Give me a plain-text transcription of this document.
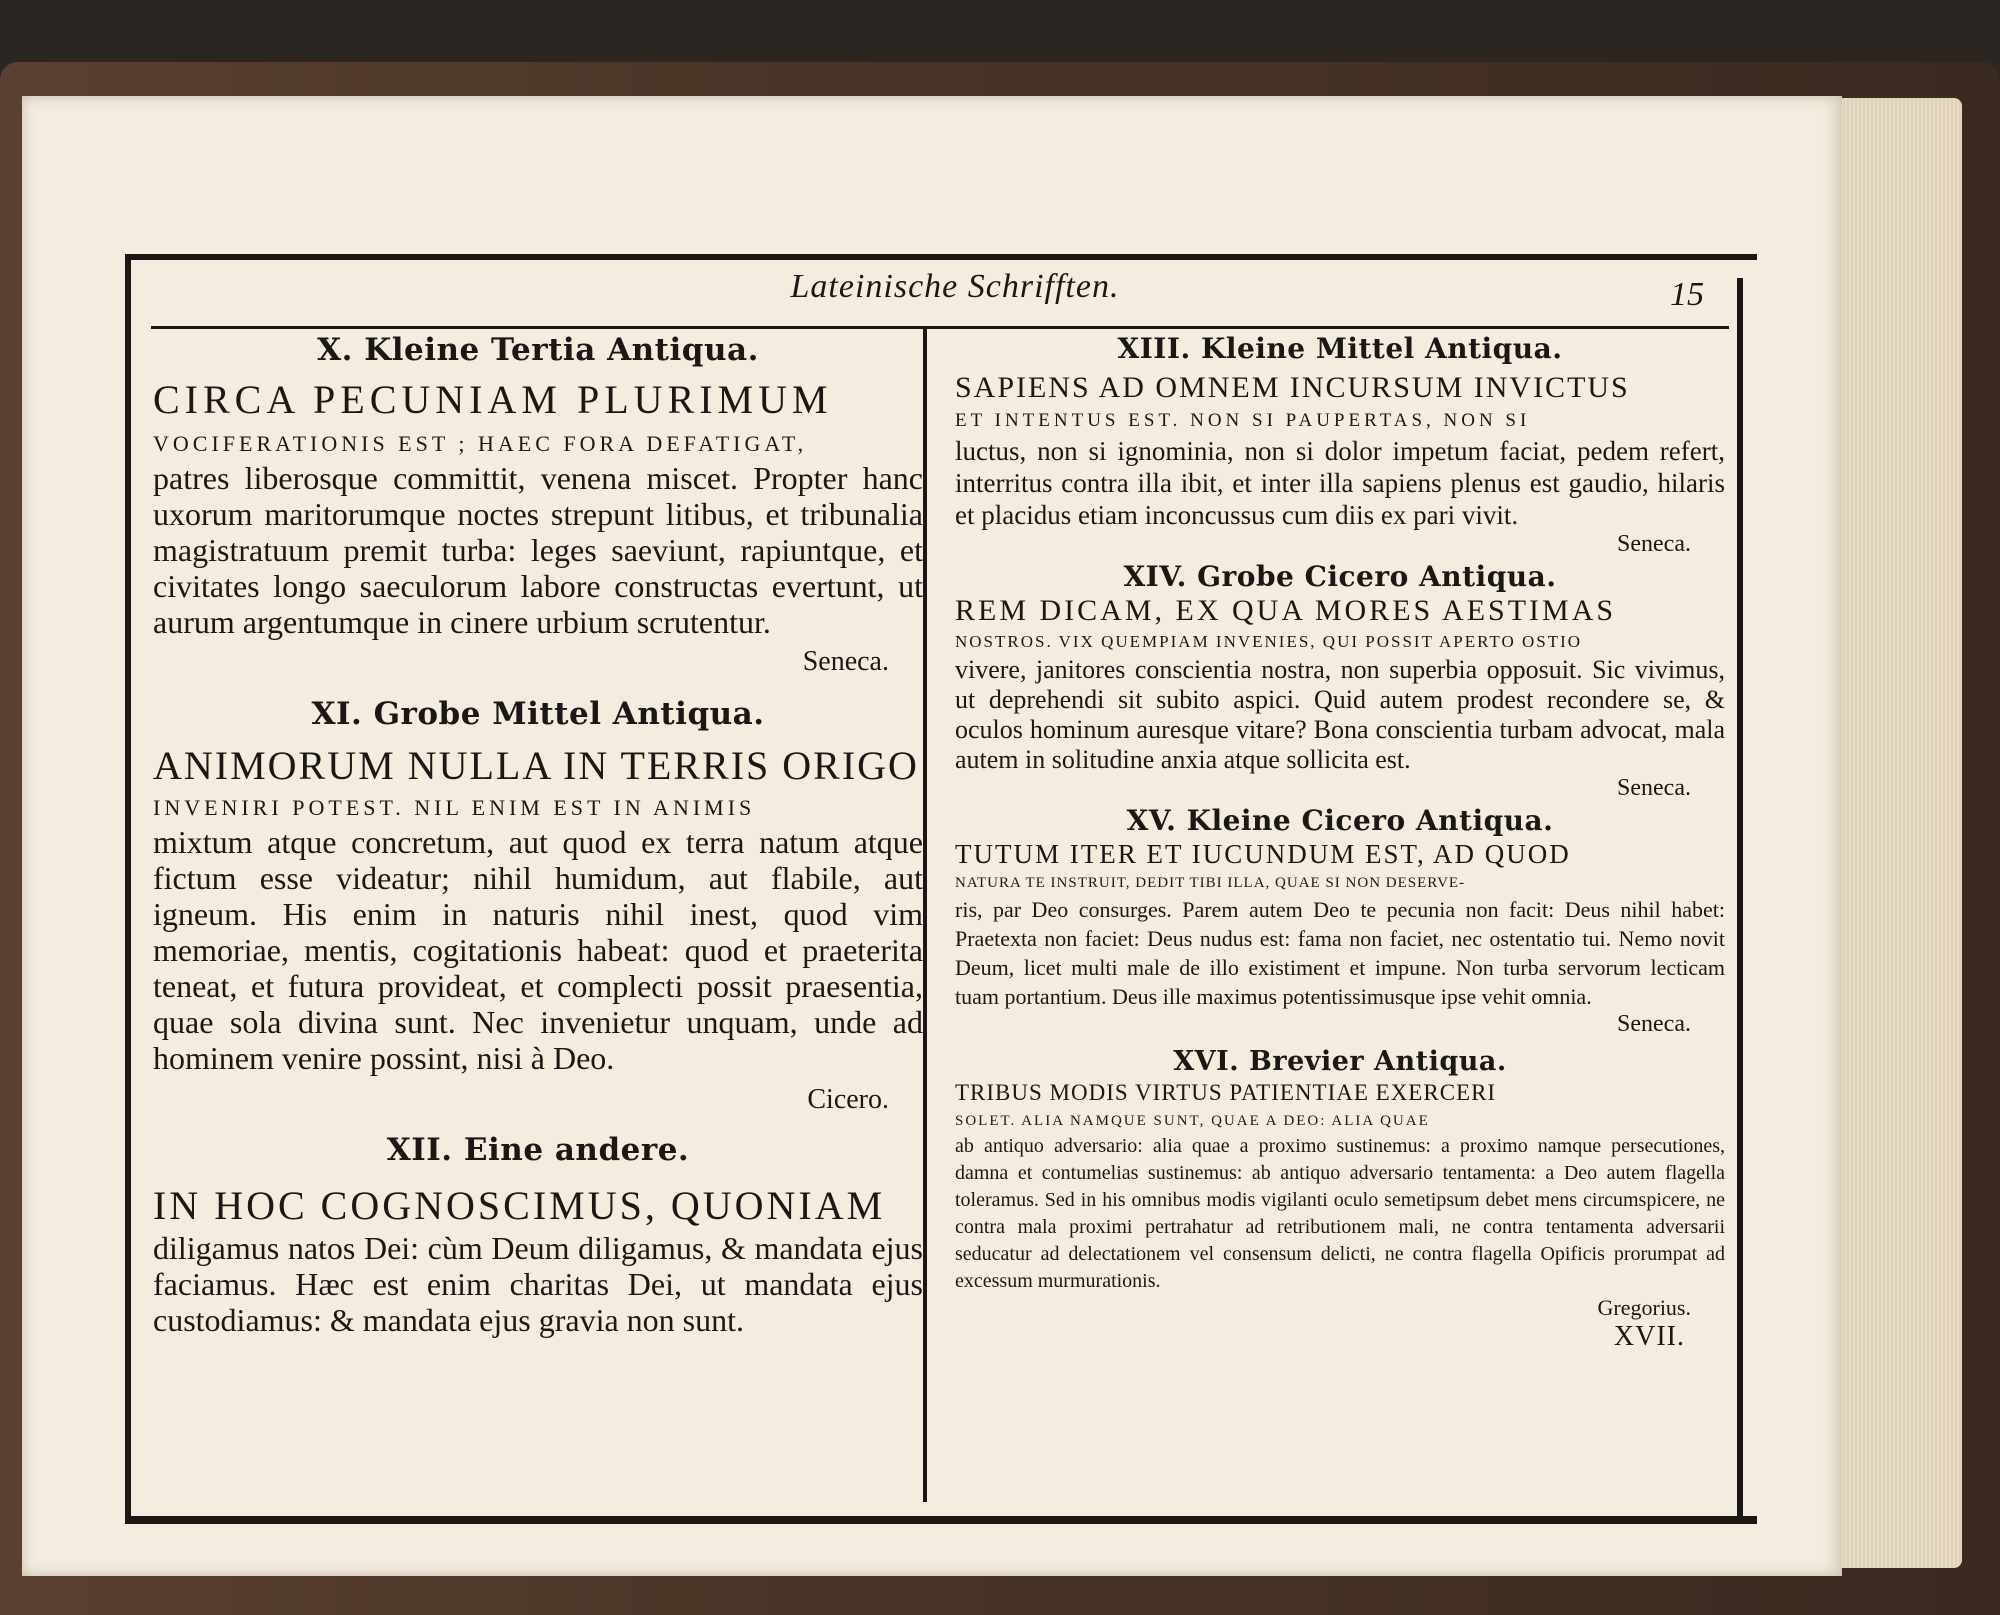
Lateinische Schrifften.	15

X. Kleine Tertia Antiqua.

CIRCA PECUNIAM PLURIMUM

VOCIFERATIONIS EST ; HAEC FORA DEFATIGAT,

patres liberosque committit, venena miscet. Propter hanc uxorum maritorumque noctes strepunt litibus, et tribunalia magistratuum premit turba: leges saeviunt, rapiuntque, et civitates longo saeculorum labore constructas evertunt, ut aurum argentumque in cinere urbium scrutentur.

Seneca.

XI. Grobe Mittel Antiqua.

ANIMORUM NULLA IN TERRIS ORIGO

INVENIRI POTEST. NIL ENIM EST IN ANIMIS

mixtum atque concretum, aut quod ex terra natum atque fictum esse videatur; nihil humidum, aut flabile, aut igneum. His enim in naturis nihil inest, quod vim memoriae, mentis, cogitationis habeat: quod et praeterita teneat, et futura provideat, et complecti possit praesentia, quae sola divina sunt. Nec invenietur unquam, unde ad hominem venire possint, nisi à Deo.

Cicero.

XII. Eine andere.

IN HOC COGNOSCIMUS, QUONIAM

diligamus natos Dei: cùm Deum diligamus, & mandata ejus faciamus. Hæc est enim charitas Dei, ut mandata ejus custodiamus: & mandata ejus gravia non sunt.

XIII. Kleine Mittel Antiqua.

SAPIENS AD OMNEM INCURSUM INVICTUS

ET INTENTUS EST. NON SI PAUPERTAS, NON SI

luctus, non si ignominia, non si dolor impetum faciat, pedem refert, interritus contra illa ibit, et inter illa sapiens plenus est gaudio, hilaris et placidus etiam inconcussus cum diis ex pari vivit.

Seneca.

XIV. Grobe Cicero Antiqua.

REM DICAM, EX QUA MORES AESTIMAS

NOSTROS. VIX QUEMPIAM INVENIES, QUI POSSIT APERTO OSTIO

vivere, janitores conscientia nostra, non superbia opposuit. Sic vivimus, ut deprehendi sit subito aspici. Quid autem prodest recondere se, & oculos hominum auresque vitare? Bona conscientia turbam advocat, mala autem in solitudine anxia atque sollicita est.

Seneca.

XV. Kleine Cicero Antiqua.

TUTUM ITER ET IUCUNDUM EST, AD QUOD

NATURA TE INSTRUIT, DEDIT TIBI ILLA, QUAE SI NON DESERVE-

ris, par Deo consurges. Parem autem Deo te pecunia non facit: Deus nihil habet: Praetexta non faciet: Deus nudus est: fama non faciet, nec ostentatio tui. Nemo novit Deum, licet multi male de illo existiment et impune. Non turba servorum lecticam tuam portantium. Deus ille maximus potentissimusque ipse vehit omnia.

Seneca.

XVI. Brevier Antiqua.

TRIBUS MODIS VIRTUS PATIENTIAE EXERCERI

SOLET. ALIA NAMQUE SUNT, QUAE A DEO: ALIA QUAE

ab antiquo adversario: alia quae a proximo sustinemus: a proximo namque persecutiones, damna et contumelias sustinemus: ab antiquo adversario tentamenta: a Deo autem flagella toleramus. Sed in his omnibus modis vigilanti oculo semetipsum debet mens circumspicere, ne contra mala proximi pertrahatur ad retributionem mali, ne contra tentamenta adversarii seducatur ad delectationem vel consensum delicti, ne contra flagella Opificis prorumpat ad excessum murmurationis.

Gregorius.

XVII.
